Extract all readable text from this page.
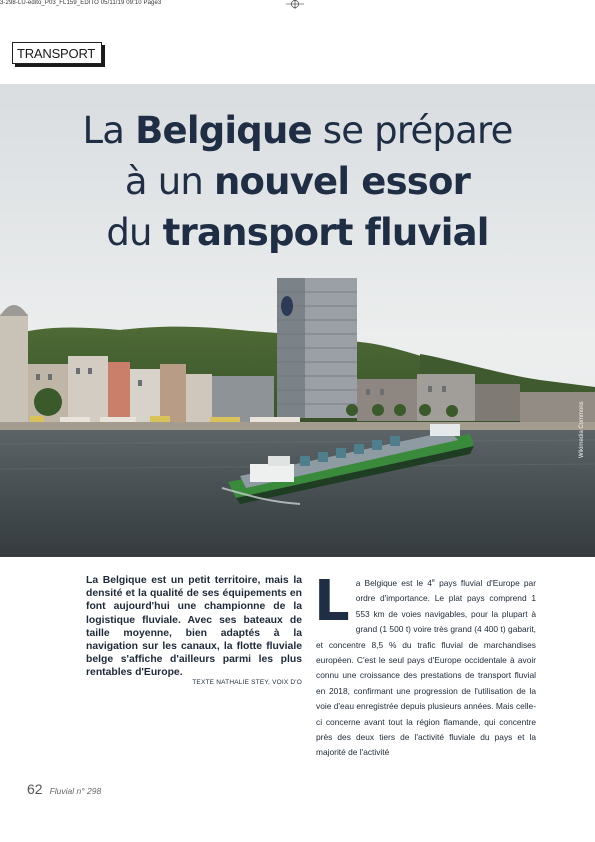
3-298-LU-edito_P03_FL159_EDITO 05/11/19 09:10 Page3
TRANSPORT
La Belgique se prépare
à un nouvel essor
du transport fluvial
Wikimedia Commons

La Belgique est un petit territoire, mais la densité et la qualité de ses équipements en font aujourd'hui une championne de la logistique fluviale. Avec ses bateaux de taille moyenne, bien adaptés à la navigation sur les canaux, la flotte fluviale belge s'affiche d'ailleurs parmi les plus rentables d'Europe.

TEXTE NATHALIE STEY, VOIX D'O
La Belgique est le 4e pays fluvial d'Europe par ordre d'importance. Le plat pays comprend 1 553 km de voies navigables, pour la plupart à grand (1 500 t) voire très grand (4 400 t) gabarit, et concentre 8,5 % du trafic fluvial de marchandises européen. C'est le seul pays d'Europe occidentale à avoir connu une croissance des prestations de transport fluvial en 2018, confirmant une progression de l'utilisation de la voie d'eau enregistrée depuis plusieurs années. Mais celle-ci concerne avant tout la région flamande, qui concentre près des deux tiers de l'activité fluviale du pays et la majorité de l'activité
62 Fluvial n° 298
